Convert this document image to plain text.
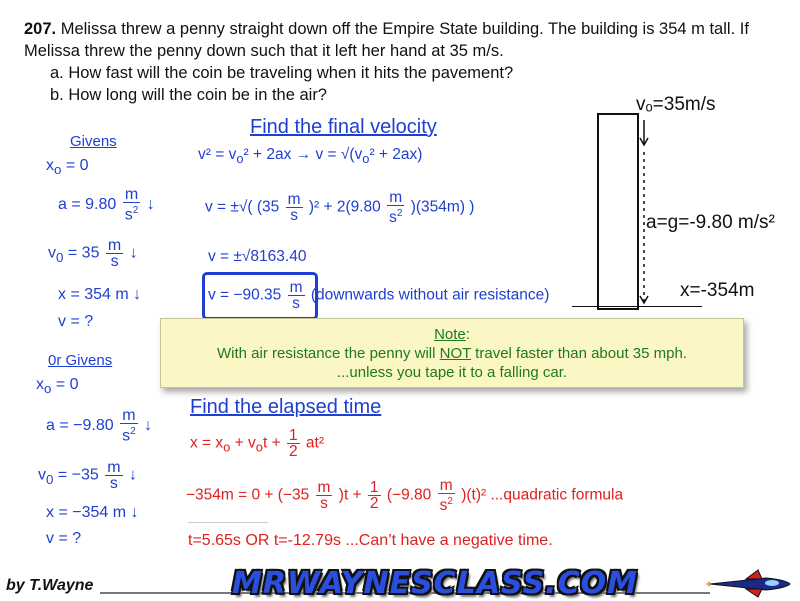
207. Melissa threw a penny straight down off the Empire State building. The building is 354 m tall. If Melissa threw the penny down such that it left her hand at 35 m/s.
a. How fast will the coin be traveling when it hits the pavement?
b. How long will the coin be in the air?
Givens
$x_o = 0$
$a = 9.80 \frac{m}{s^2}$ ↓
$v_0 = 35 \frac{m}{s}$ ↓
x = 354 m ↓
v = ?
0r Givens
$x_o = 0$
$a = -9.80 \frac{m}{s^2}$ ↓
$v_0 = -35 \frac{m}{s}$ ↓
x = −354 m ↓
v = ?
Find the final velocity
$v^2 = v_o^2 + 2ax \to v = √(v_o^2 + 2ax)$
v = ±√( $(35 \frac{m}{s} )^2 + 2(9.80 \frac{m}{s^2} )(354m)$ )
v = ±√8163.40
$v = -90.35 \frac{m}{s}$ (downwards without air resistance)
vₒ=35m/s
a=g=-9.80 m/s²
x=-354m
Note:
With air resistance the penny will NOT travel faster than about 35 mph.
...unless you tape it to a falling car.
Find the elapsed time
$x = x_o + v_ot + \frac{1}{2} at^2$
$-354m = 0 + (-35 \frac{m}{s} )t + \frac{1}{2} (-9.80 \frac{m}{s^2} )(t)^2$ ...quadratic formula
t=5.65s OR t=-12.79s ...Can’t have a negative time.
by T.Wayne	MRWAYNESCLASS.COM
